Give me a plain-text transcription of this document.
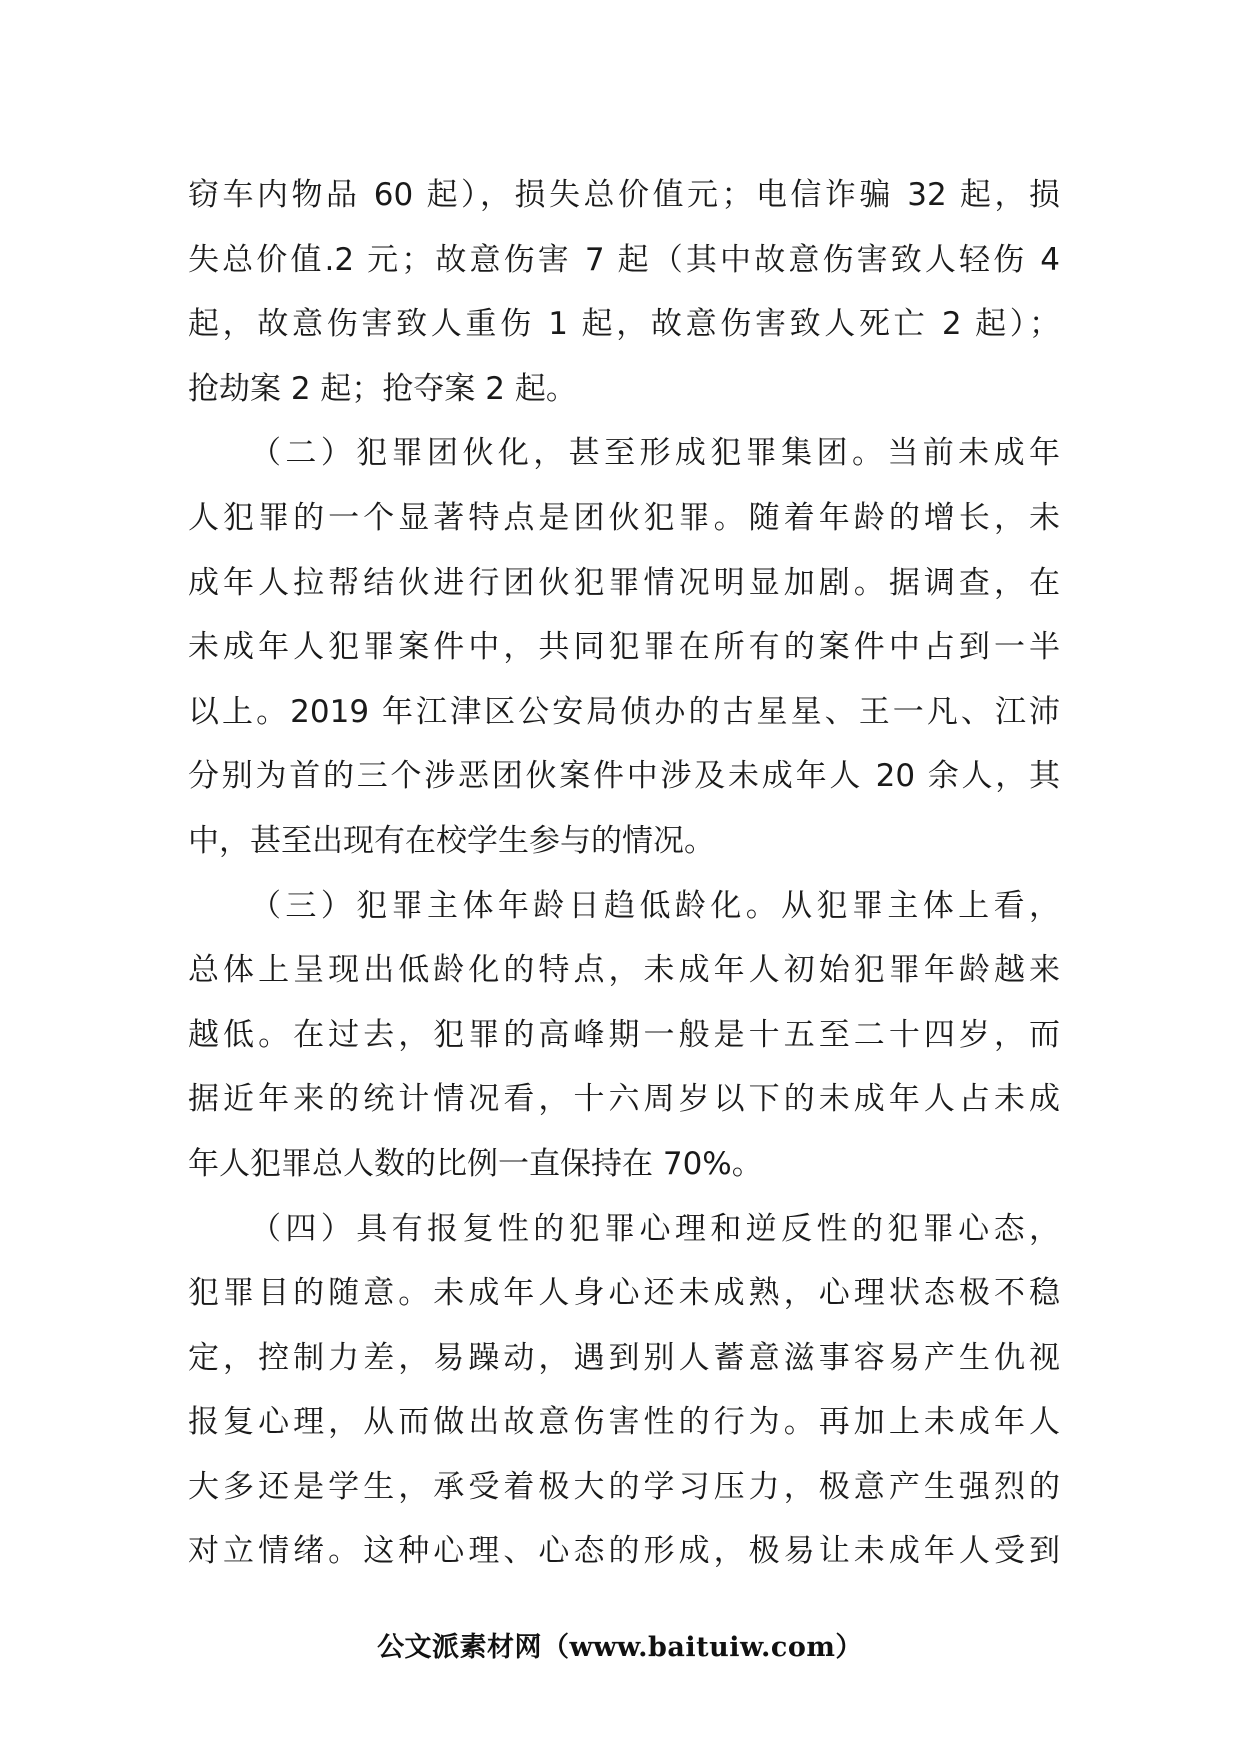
窃车内物品 60 起），损失总价值元；电信诈骗 32 起，损
失总价值.2 元；故意伤害 7 起（其中故意伤害致人轻伤 4
起，故意伤害致人重伤 1 起，故意伤害致人死亡 2 起）；
抢劫案 2 起；抢夺案 2 起。
（二）犯罪团伙化，甚至形成犯罪集团。当前未成年
人犯罪的一个显著特点是团伙犯罪。随着年龄的增长，未
成年人拉帮结伙进行团伙犯罪情况明显加剧。据调查，在
未成年人犯罪案件中，共同犯罪在所有的案件中占到一半
以上。2019 年江津区公安局侦办的古星星、王一凡、江沛
分别为首的三个涉恶团伙案件中涉及未成年人 20 余人，其
中，甚至出现有在校学生参与的情况。
（三）犯罪主体年龄日趋低龄化。从犯罪主体上看，
总体上呈现出低龄化的特点，未成年人初始犯罪年龄越来
越低。在过去，犯罪的高峰期一般是十五至二十四岁，而
据近年来的统计情况看，十六周岁以下的未成年人占未成
年人犯罪总人数的比例一直保持在 70%。
（四）具有报复性的犯罪心理和逆反性的犯罪心态，
犯罪目的随意。未成年人身心还未成熟，心理状态极不稳
定，控制力差，易躁动，遇到别人蓄意滋事容易产生仇视
报复心理，从而做出故意伤害性的行为。再加上未成年人
大多还是学生，承受着极大的学习压力，极意产生强烈的
对立情绪。这种心理、心态的形成，极易让未成年人受到
公文派素材网（www.baituiw.com）
